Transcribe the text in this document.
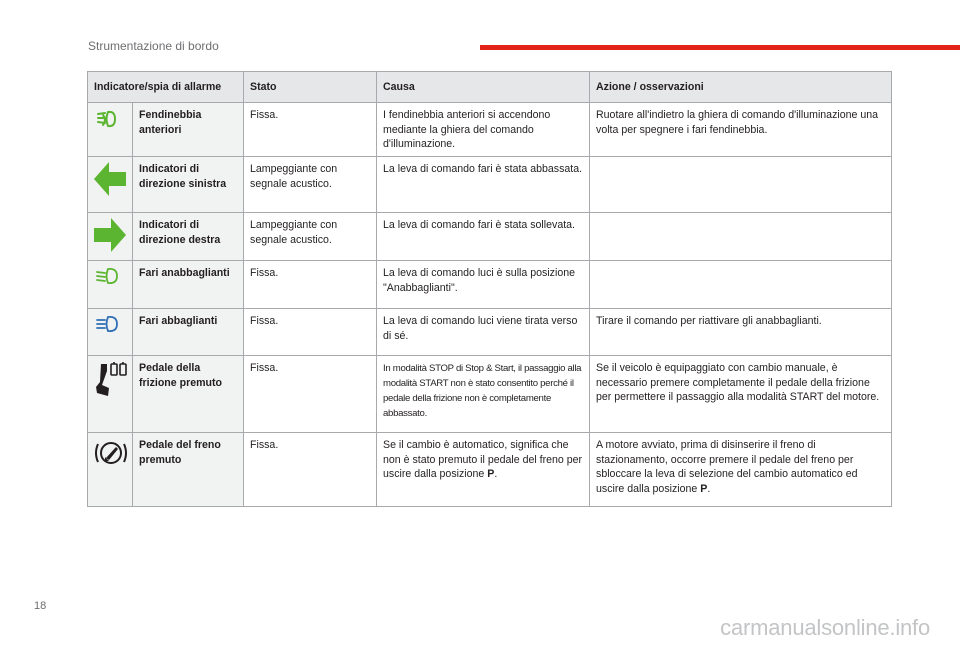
Strumentazione di bordo
Indicatore/spia di allarme		Stato	Causa	Azione / osservazioni
	Fendinebbia anteriori	Fissa.	I fendinebbia anteriori si accendono mediante la ghiera del comando d'illuminazione.	Ruotare all'indietro la ghiera di comando d'illuminazione una volta per spegnere i fari fendinebbia.
	Indicatori di direzione sinistra	Lampeggiante con segnale acustico.	La leva di comando fari è stata abbassata.	
	Indicatori di direzione destra	Lampeggiante con segnale acustico.	La leva di comando fari è stata sollevata.	
	Fari anabbaglianti	Fissa.	La leva di comando luci è sulla posizione "Anabbaglianti".	
	Fari abbaglianti	Fissa.	La leva di comando luci viene tirata verso di sé.	Tirare il comando per riattivare gli anabbaglianti.
	Pedale della frizione premuto	Fissa.	In modalità STOP di Stop & Start, il passaggio alla modalità START non è stato consentito perché il pedale della frizione non è completamente abbassato.	Se il veicolo è equipaggiato con cambio manuale, è necessario premere completamente il pedale della frizione per permettere il passaggio alla modalità START del motore.
	Pedale del freno premuto	Fissa.	Se il cambio è automatico, significa che non è stato premuto il pedale del freno per uscire dalla posizione P.	A motore avviato, prima di disinserire il freno di stazionamento, occorre premere il pedale del freno per sbloccare la leva di selezione del cambio automatico ed uscire dalla posizione P.
18
carmanualsonline.info
